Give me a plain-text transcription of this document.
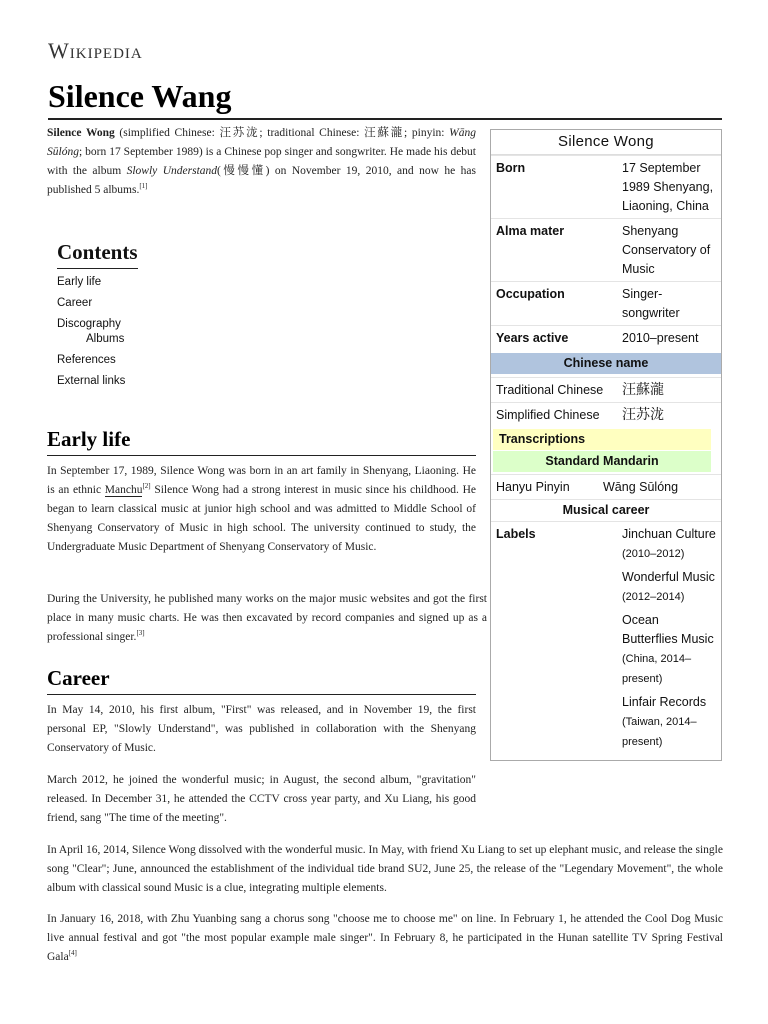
Wikipedia
Silence Wang

Silence Wong (simplified Chinese: 汪苏泷; traditional Chinese: 汪蘇瀧; pinyin: Wāng Sūlóng; born 17 September 1989) is a Chinese pop singer and songwriter. He made his debut with the album Slowly Understand(慢慢懂) on November 19, 2010, and now he has published 5 albums.[1]

Contents
Early life
Career
Discography
Albums
References
External links
Early life

In September 17, 1989, Silence Wong was born in an art family in Shenyang, Liaoning. He is an ethnic Manchu[2] Silence Wong had a strong interest in music since his childhood. He began to learn classical music at junior high school and was admitted to Middle School of Shenyang Conservatory of Music in high school. The university continued to study, the Undergraduate Music Department of Shenyang Conservatory of Music.

During the University, he published many works on the major music websites and got the first place in many music charts. He was then excavated by record companies and signed up as a professional singer.[3]

Career

In May 14, 2010, his first album, "First" was released, and in November 19, the first personal EP, "Slowly Understand", was published in collaboration with the Shenyang Conservatory of Music.

March 2012, he joined the wonderful music; in August, the second album, "gravitation" released. In December 31, he attended the CCTV cross year party, and Xu Liang, his good friend, sang "The time of the meeting".

In April 16, 2014, Silence Wong dissolved with the wonderful music. In May, with friend Xu Liang to set up elephant music, and release the single song "Clear"; June, announced the establishment of the individual tide brand SU2, June 25, the release of the "Legendary Movement", the whole album with classical sound Music is a clue, integrating multiple elements.

In January 16, 2018, with Zhu Yuanbing sang a chorus song "choose me to choose me" on line. In February 1, he attended the Cool Dog Music live annual festival and got "the most popular example male singer". In February 8, he participated in the Hunan satellite TV Spring Festival Gala[4]

Silence Wong
Born	17 September 1989 Shenyang, Liaoning, China
Alma mater	Shenyang Conservatory of Music
Occupation	Singer-songwriter
Years active	2010–present
Chinese name
Traditional Chinese	汪蘇瀧
Simplified Chinese	汪苏泷
Transcriptions
Standard Mandarin
Hanyu Pinyin	Wāng Sūlóng
Musical career
Labels	Jinchuan Culture (2010–2012)
Wonderful Music (2012–2014)
Ocean Butterflies Music (China, 2014–present)
Linfair Records (Taiwan, 2014–present)
